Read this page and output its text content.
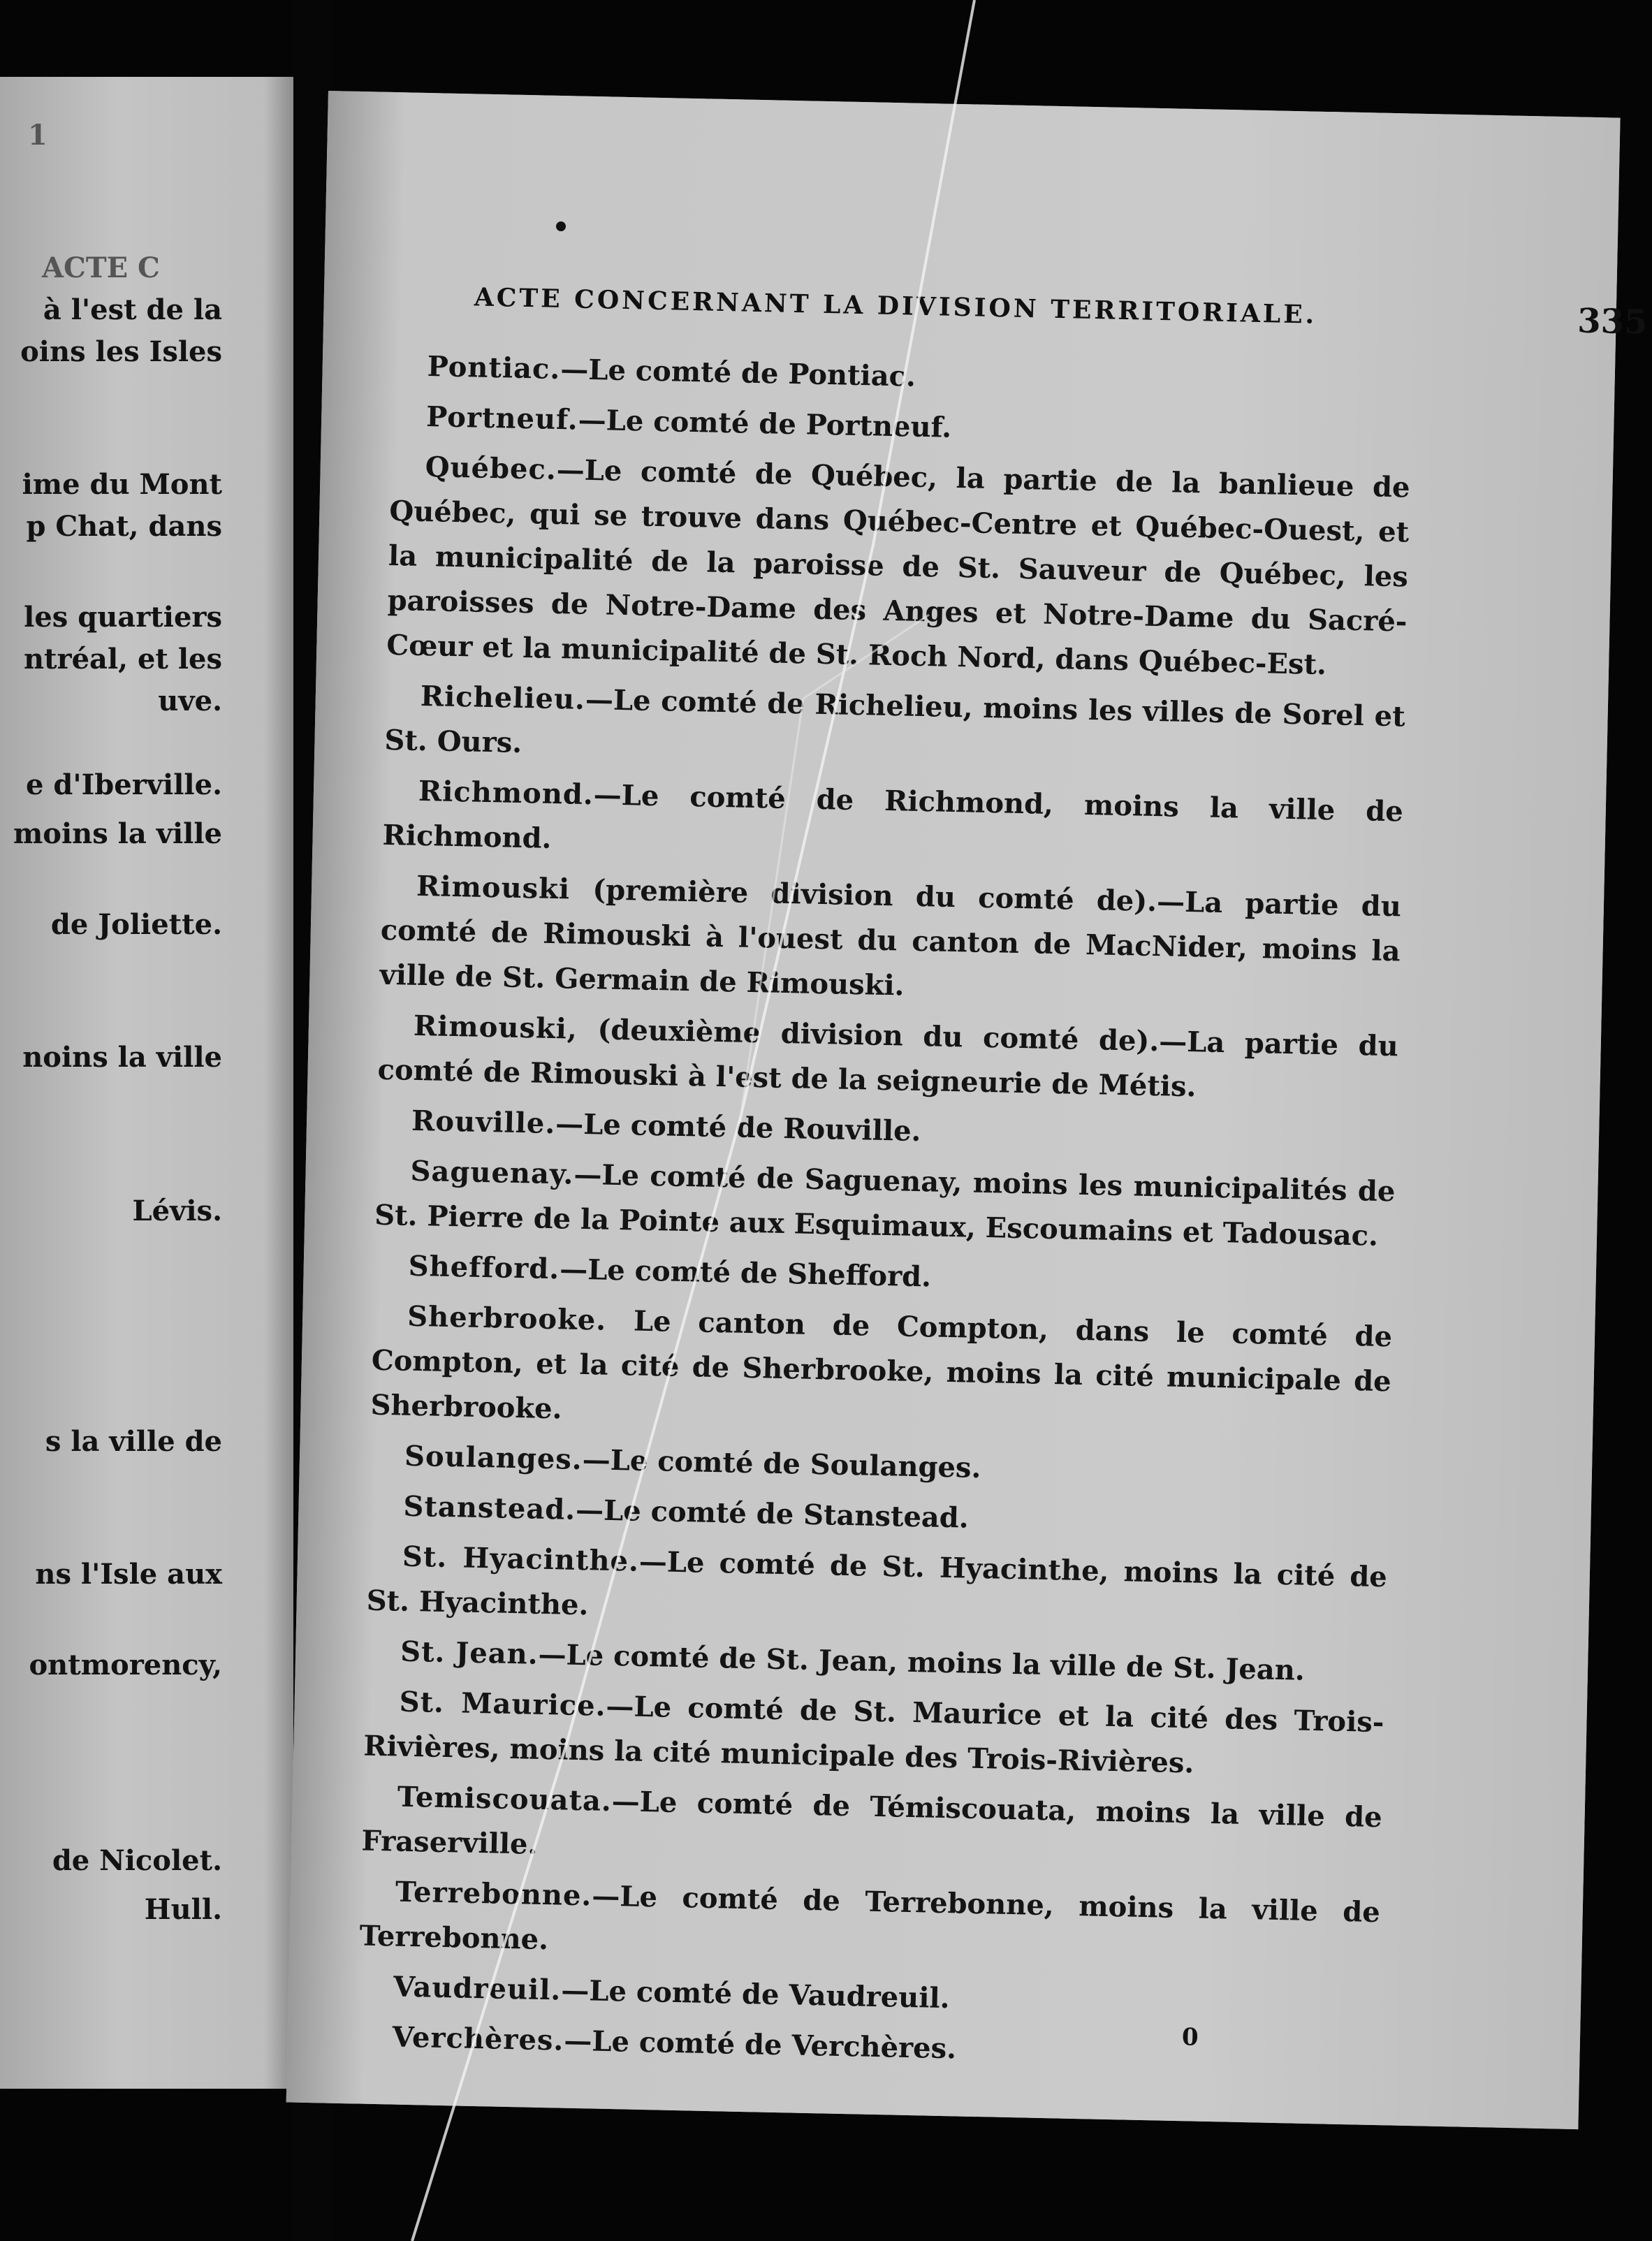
1
ACTE C
à l'est de la
oins les Isles
ime du Mont
p Chat, dans
les quartiers
ntréal, et les
uve.
e d'Iberville.
moins la ville
de Joliette.
noins la ville
Lévis.
s la ville de
ns l'Isle aux
ontmorency,
de Nicolet.
Hull.
ACTE CONCERNANT LA DIVISION TERRITORIALE.	335

Pontiac.—Le comté de Pontiac.

Portneuf.—Le comté de Portneuf.

Québec.—Le comté de Québec, la partie de la banlieue de Québec, qui se trouve dans Québec-Centre et Québec-Ouest, et la municipalité de la paroisse de St. Sauveur de Québec, les paroisses de Notre-Dame des Anges et Notre-Dame du Sacré-Cœur et la municipalité de St. Roch Nord, dans Québec-Est.

Richelieu.—Le comté de Richelieu, moins les villes de Sorel et St. Ours.

Richmond.—Le comté de Richmond, moins la ville de Richmond.

Rimouski (première division du comté de).—La partie du comté de Rimouski à l'ouest du canton de MacNider, moins la ville de St. Germain de Rimouski.

Rimouski, (deuxième division du comté de).—La partie du comté de Rimouski à l'est de la seigneurie de Métis.

Rouville.—Le comté de Rouville.

Saguenay.—Le comté de Saguenay, moins les municipalités de St. Pierre de la Pointe aux Esquimaux, Escoumains et Tadousac.

Shefford.—Le comté de Shefford.

Sherbrooke. Le canton de Compton, dans le comté de Compton, et la cité de Sherbrooke, moins la cité municipale de Sherbrooke.

Soulanges.—Le comté de Soulanges.

Stanstead.—Le comté de Stanstead.

St. Hyacinthe.—Le comté de St. Hyacinthe, moins la cité de St. Hyacinthe.

St. Jean.—Le comté de St. Jean, moins la ville de St. Jean.

St. Maurice.—Le comté de St. Maurice et la cité des Trois-Rivières, moins la cité municipale des Trois-Rivières.

Temiscouata.—Le comté de Témiscouata, moins la ville de Fraserville.

Terrebonne.—Le comté de Terrebonne, moins la ville de Terrebonne.

Vaudreuil.—Le comté de Vaudreuil.

Verchères.—Le comté de Verchères.	0
